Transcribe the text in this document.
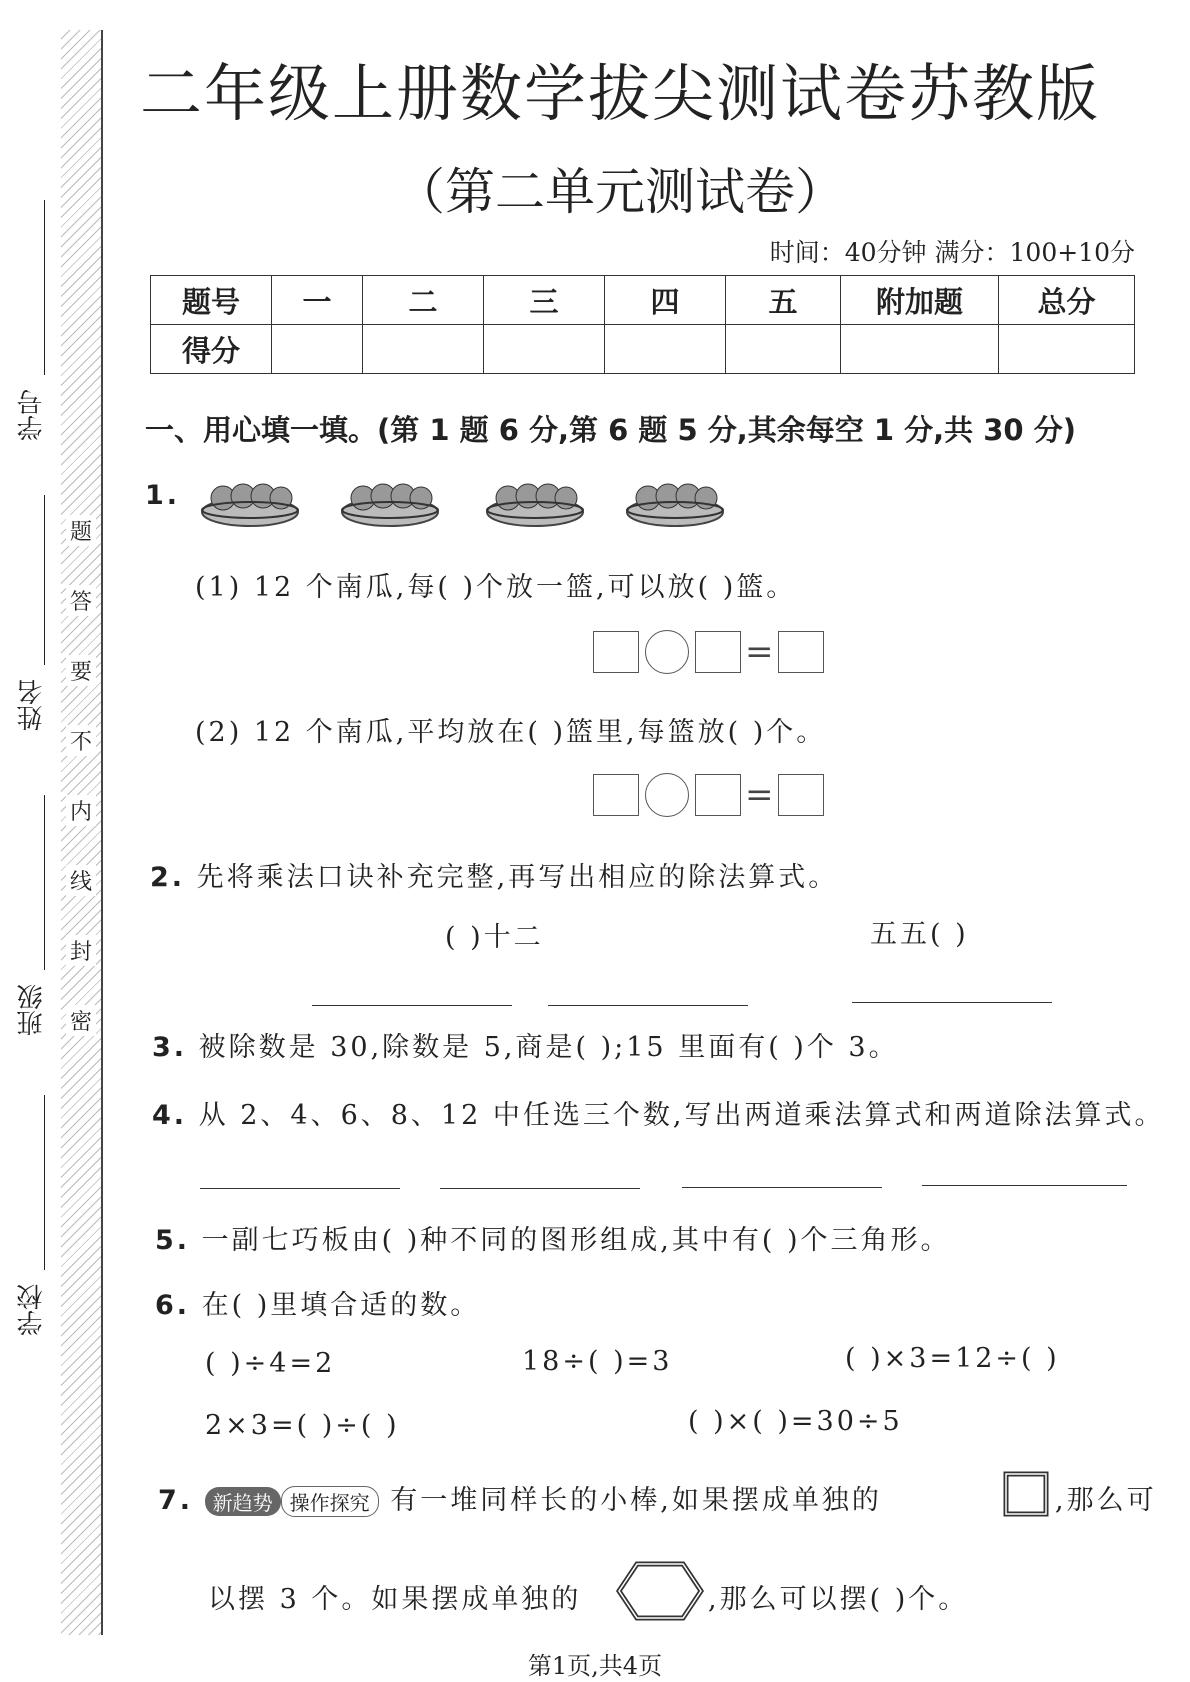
学号
姓名
班级
学校
题
答
要
不
内
线
封
密
二年级上册数学拔尖测试卷苏教版
（第二单元测试卷）
时间：40分钟 满分：100+10分
题号	一	二	三	四	五	附加题	总分
得分							
一、用心填一填。(第 1 题 6 分,第 6 题 5 分,其余每空 1 分,共 30 分)
1.
(1) 12 个南瓜,每( )个放一篮,可以放( )篮。
=
(2) 12 个南瓜,平均放在( )篮里,每篮放( )个。
=
2. 先将乘法口诀补充完整,再写出相应的除法算式。
( )十二	五五( )
3. 被除数是 30,除数是 5,商是( );15 里面有( )个 3。
4. 从 2、4、6、8、12 中任选三个数,写出两道乘法算式和两道除法算式。
5. 一副七巧板由( )种不同的图形组成,其中有( )个三角形。
6. 在( )里填合适的数。
( )÷4=2	18÷( )=3	( )×3=12÷( )
2×3=( )÷( )	( )×( )=30÷5
7. 新趋势 操作探究 有一堆同样长的小棒,如果摆成单独的	,那么可
以摆 3 个。如果摆成单独的	,那么可以摆( )个。
第1页,共4页
